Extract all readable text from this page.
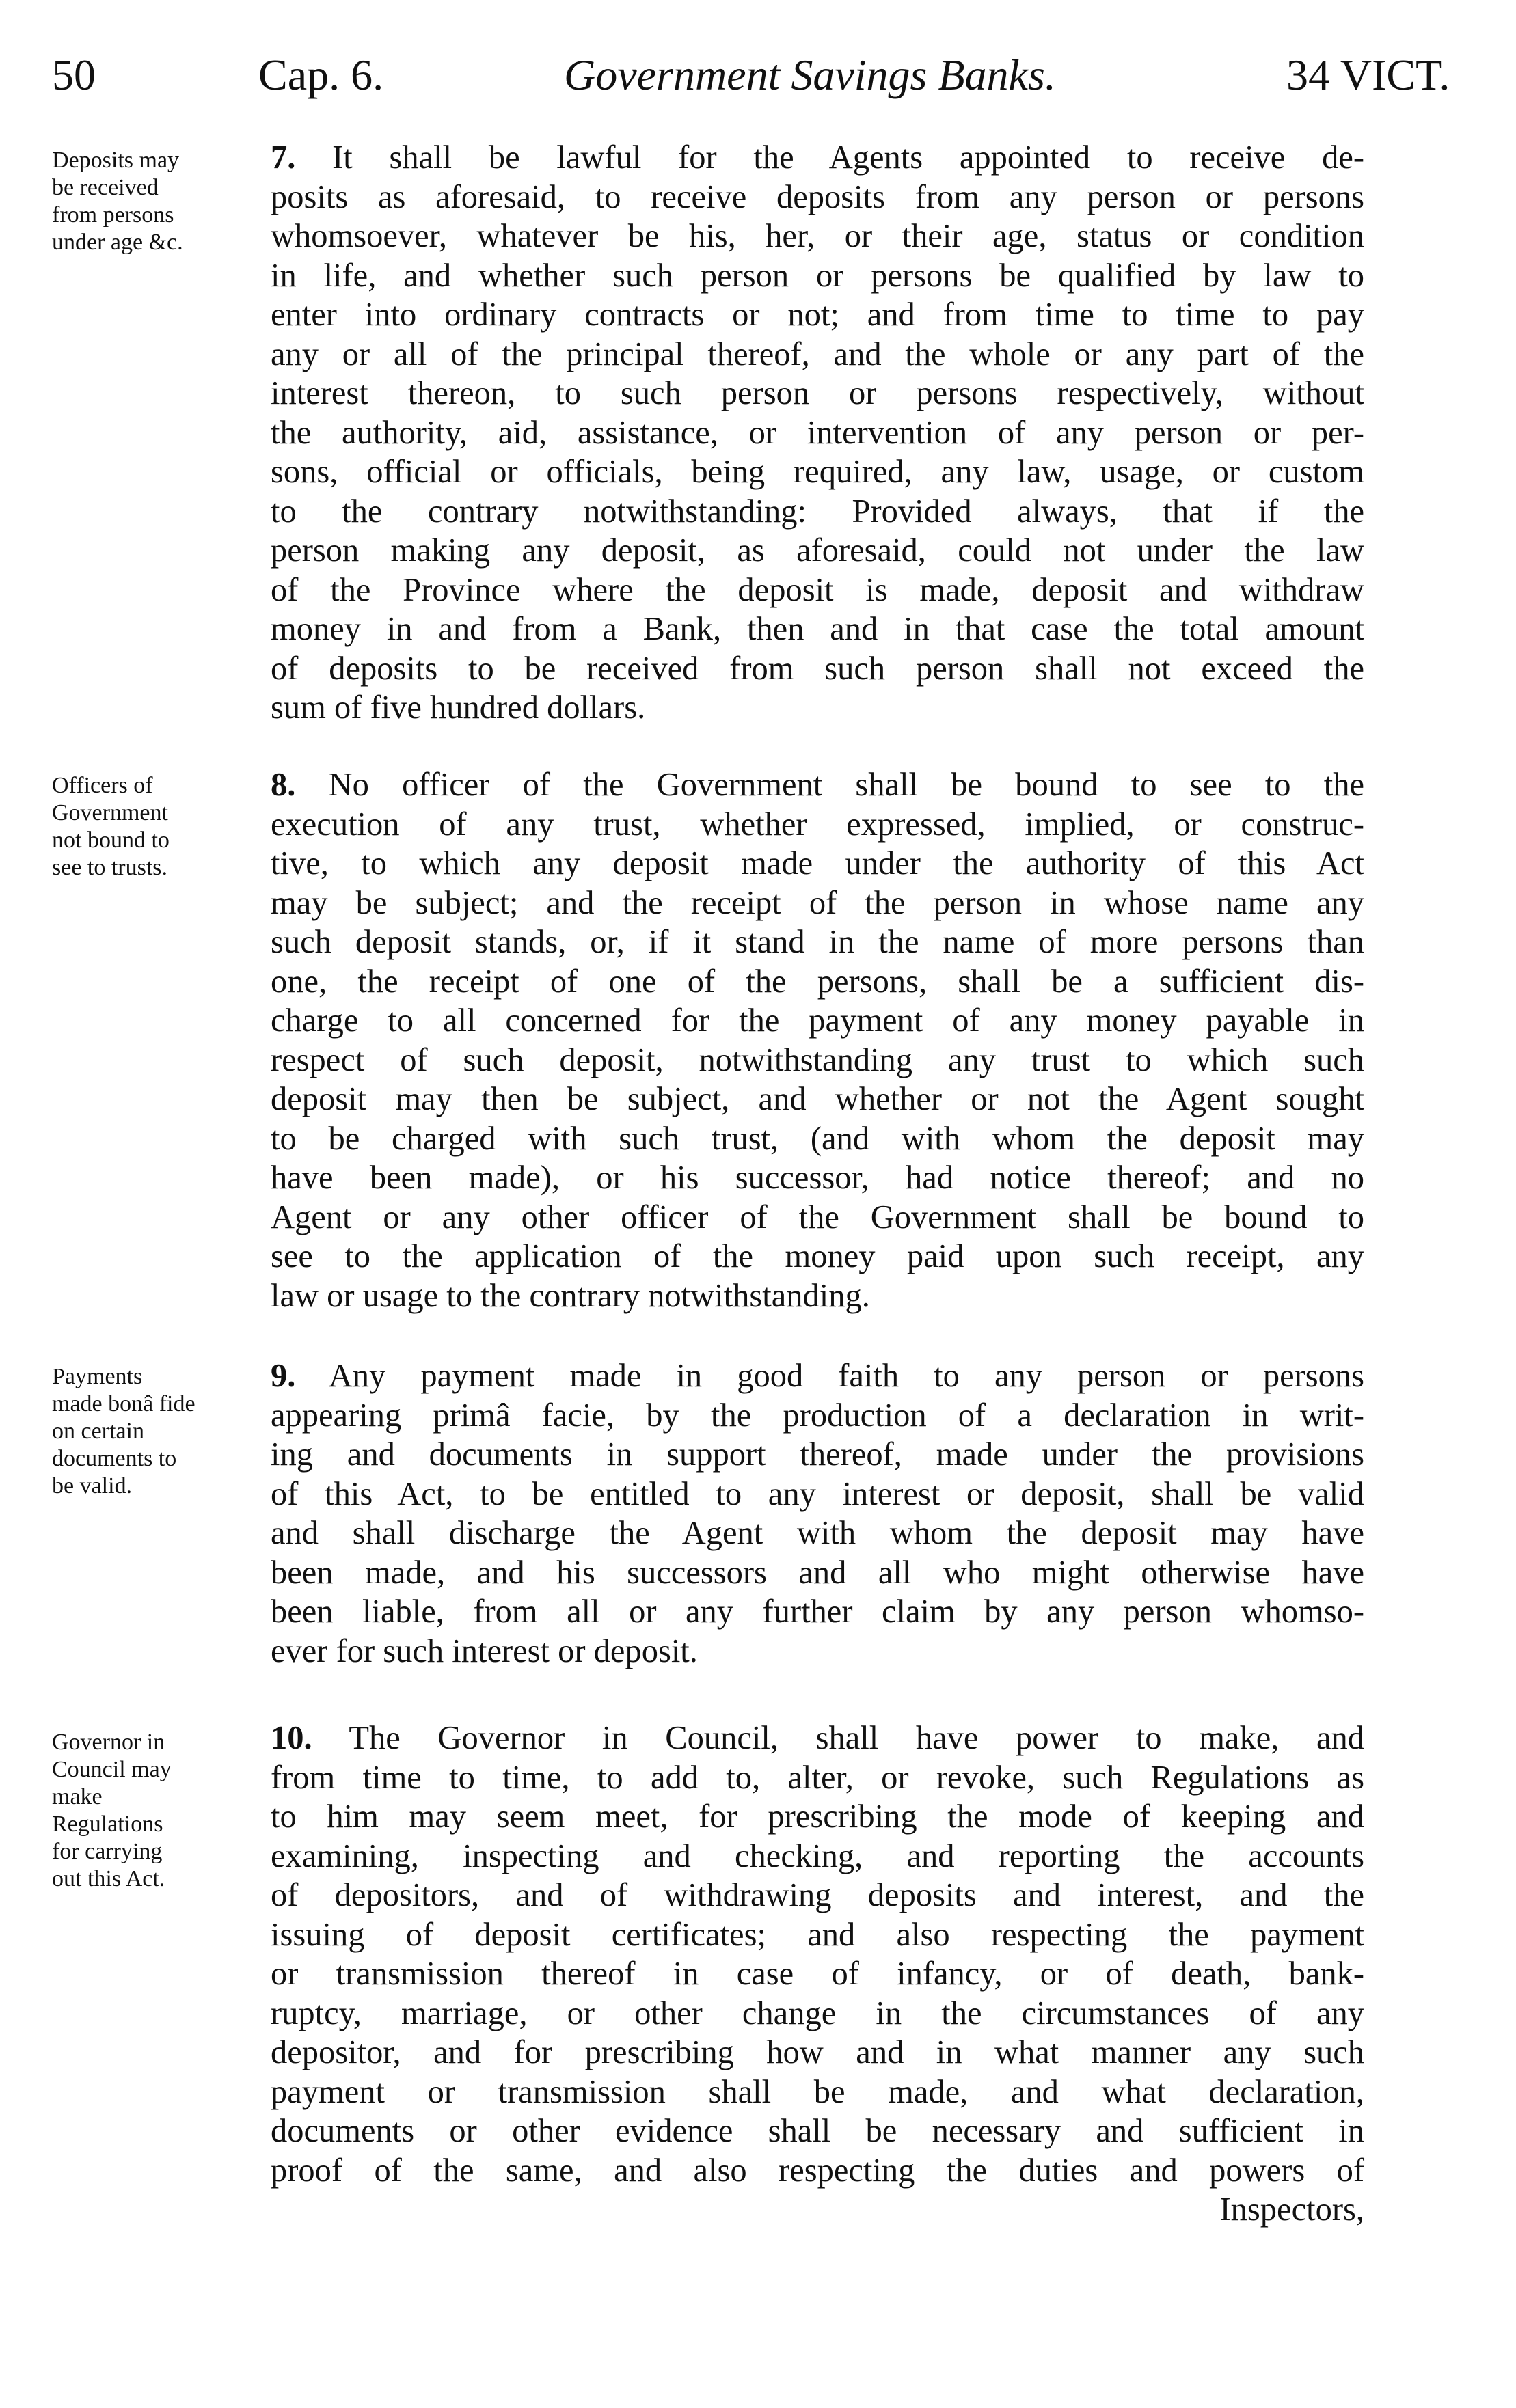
50	Cap. 6.	Government Savings Banks.	34 VICT.
Deposits may
be received
from persons
under age &c.
7. It shall be lawful for the Agents appointed to receive de-
posits as aforesaid, to receive deposits from any person or persons
whomsoever, whatever be his, her, or their age, status or condition
in life, and whether such person or persons be qualified by law to
enter into ordinary contracts or not; and from time to time to pay
any or all of the principal thereof, and the whole or any part of the
interest thereon, to such person or persons respectively, without
the authority, aid, assistance, or intervention of any person or per-
sons, official or officials, being required, any law, usage, or custom
to the contrary notwithstanding: Provided always, that if the
person making any deposit, as aforesaid, could not under the law
of the Province where the deposit is made, deposit and withdraw
money in and from a Bank, then and in that case the total amount
of deposits to be received from such person shall not exceed the
sum of five hundred dollars.
Officers of
Government
not bound to
see to trusts.
8. No officer of the Government shall be bound to see to the
execution of any trust, whether expressed, implied, or construc-
tive, to which any deposit made under the authority of this Act
may be subject; and the receipt of the person in whose name any
such deposit stands, or, if it stand in the name of more persons than
one, the receipt of one of the persons, shall be a sufficient dis-
charge to all concerned for the payment of any money payable in
respect of such deposit, notwithstanding any trust to which such
deposit may then be subject, and whether or not the Agent sought
to be charged with such trust, (and with whom the deposit may
have been made), or his successor, had notice thereof; and no
Agent or any other officer of the Government shall be bound to
see to the application of the money paid upon such receipt, any
law or usage to the contrary notwithstanding.
Payments
made bonâ fide
on certain
documents to
be valid.
9. Any payment made in good faith to any person or persons
appearing primâ facie, by the production of a declaration in writ-
ing and documents in support thereof, made under the provisions
of this Act, to be entitled to any interest or deposit, shall be valid
and shall discharge the Agent with whom the deposit may have
been made, and his successors and all who might otherwise have
been liable, from all or any further claim by any person whomso-
ever for such interest or deposit.
Governor in
Council may
make
Regulations
for carrying
out this Act.
10. The Governor in Council, shall have power to make, and
from time to time, to add to, alter, or revoke, such Regulations as
to him may seem meet, for prescribing the mode of keeping and
examining, inspecting and checking, and reporting the accounts
of depositors, and of withdrawing deposits and interest, and the
issuing of deposit certificates; and also respecting the payment
or transmission thereof in case of infancy, or of death, bank-
ruptcy, marriage, or other change in the circumstances of any
depositor, and for prescribing how and in what manner any such
payment or transmission shall be made, and what declaration,
documents or other evidence shall be necessary and sufficient in
proof of the same, and also respecting the duties and powers of
Inspectors,
